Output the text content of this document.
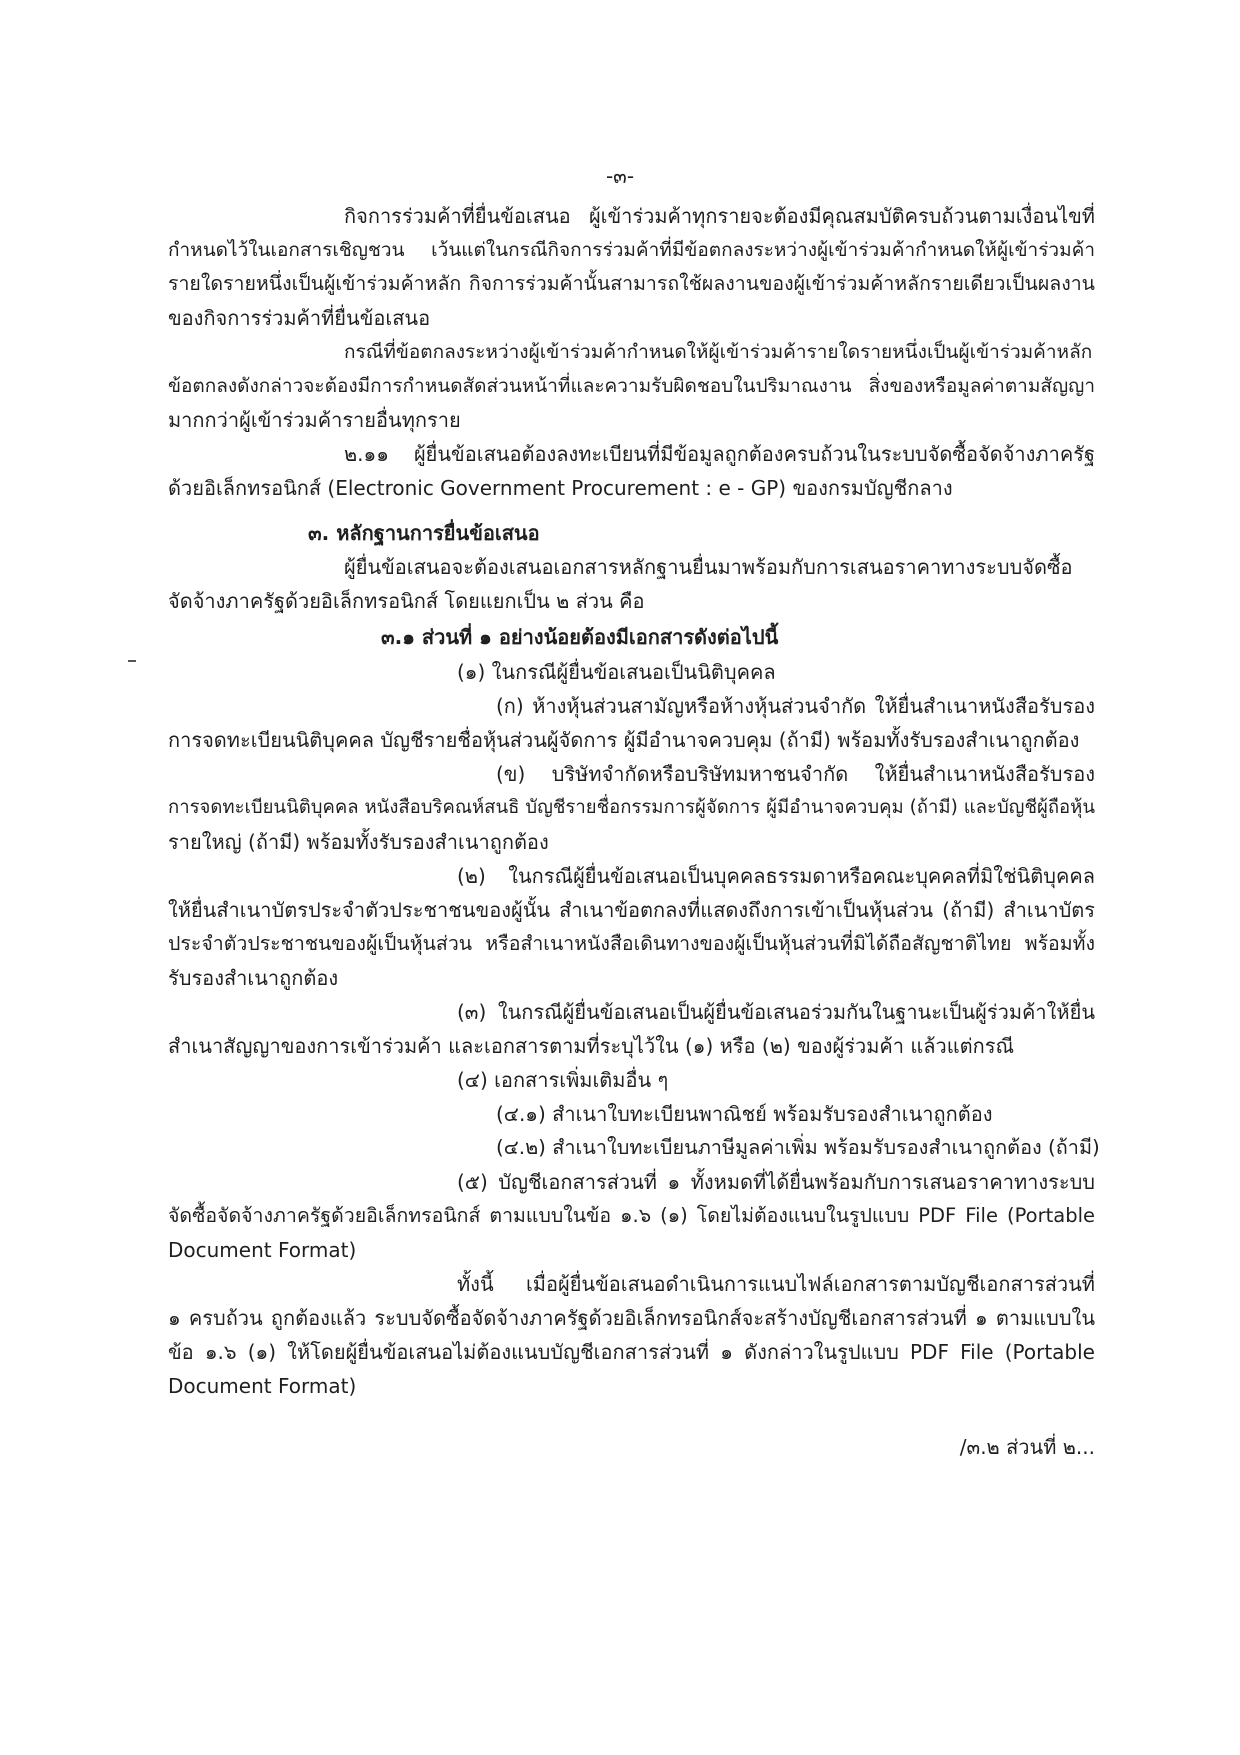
-๓-
กิจการร่วมค้าที่ยื่นข้อเสนอ ผู้เข้าร่วมค้าทุกรายจะต้องมีคุณสมบัติครบถ้วนตามเงื่อนไขที่
กำหนดไว้ในเอกสารเชิญชวน เว้นแต่ในกรณีกิจการร่วมค้าที่มีข้อตกลงระหว่างผู้เข้าร่วมค้ากำหนดให้ผู้เข้าร่วมค้า
รายใดรายหนึ่งเป็นผู้เข้าร่วมค้าหลัก กิจการร่วมค้านั้นสามารถใช้ผลงานของผู้เข้าร่วมค้าหลักรายเดียวเป็นผลงาน
ของกิจการร่วมค้าที่ยื่นข้อเสนอ
กรณีที่ข้อตกลงระหว่างผู้เข้าร่วมค้ากำหนดให้ผู้เข้าร่วมค้ารายใดรายหนึ่งเป็นผู้เข้าร่วมค้าหลัก
ข้อตกลงดังกล่าวจะต้องมีการกำหนดสัดส่วนหน้าที่และความรับผิดชอบในปริมาณงาน สิ่งของหรือมูลค่าตามสัญญา
มากกว่าผู้เข้าร่วมค้ารายอื่นทุกราย
๒.๑๑ ผู้ยื่นข้อเสนอต้องลงทะเบียนที่มีข้อมูลถูกต้องครบถ้วนในระบบจัดซื้อจัดจ้างภาครัฐ
ด้วยอิเล็กทรอนิกส์ (Electronic Government Procurement : e - GP) ของกรมบัญชีกลาง
๓. หลักฐานการยื่นข้อเสนอ
ผู้ยื่นข้อเสนอจะต้องเสนอเอกสารหลักฐานยื่นมาพร้อมกับการเสนอราคาทางระบบจัดซื้อ
จัดจ้างภาครัฐด้วยอิเล็กทรอนิกส์ โดยแยกเป็น ๒ ส่วน คือ
๓.๑ ส่วนที่ ๑ อย่างน้อยต้องมีเอกสารดังต่อไปนี้
(๑) ในกรณีผู้ยื่นข้อเสนอเป็นนิติบุคคล
(ก) ห้างหุ้นส่วนสามัญหรือห้างหุ้นส่วนจำกัด ให้ยื่นสำเนาหนังสือรับรอง
การจดทะเบียนนิติบุคคล บัญชีรายชื่อหุ้นส่วนผู้จัดการ ผู้มีอำนาจควบคุม (ถ้ามี) พร้อมทั้งรับรองสำเนาถูกต้อง
(ข) บริษัทจำกัดหรือบริษัทมหาชนจำกัด ให้ยื่นสำเนาหนังสือรับรอง
การจดทะเบียนนิติบุคคล หนังสือบริคณห์สนธิ บัญชีรายชื่อกรรมการผู้จัดการ ผู้มีอำนาจควบคุม (ถ้ามี) และบัญชีผู้ถือหุ้น
รายใหญ่ (ถ้ามี) พร้อมทั้งรับรองสำเนาถูกต้อง
(๒) ในกรณีผู้ยื่นข้อเสนอเป็นบุคคลธรรมดาหรือคณะบุคคลที่มิใช่นิติบุคคล
ให้ยื่นสำเนาบัตรประจำตัวประชาชนของผู้นั้น สำเนาข้อตกลงที่แสดงถึงการเข้าเป็นหุ้นส่วน (ถ้ามี) สำเนาบัตร
ประจำตัวประชาชนของผู้เป็นหุ้นส่วน หรือสำเนาหนังสือเดินทางของผู้เป็นหุ้นส่วนที่มิได้ถือสัญชาติไทย พร้อมทั้ง
รับรองสำเนาถูกต้อง
(๓) ในกรณีผู้ยื่นข้อเสนอเป็นผู้ยื่นข้อเสนอร่วมกันในฐานะเป็นผู้ร่วมค้าให้ยื่น
สำเนาสัญญาของการเข้าร่วมค้า และเอกสารตามที่ระบุไว้ใน (๑) หรือ (๒) ของผู้ร่วมค้า แล้วแต่กรณี
(๔) เอกสารเพิ่มเติมอื่น ๆ
(๔.๑) สำเนาใบทะเบียนพาณิชย์ พร้อมรับรองสำเนาถูกต้อง
(๔.๒) สำเนาใบทะเบียนภาษีมูลค่าเพิ่ม พร้อมรับรองสำเนาถูกต้อง (ถ้ามี)
(๕) บัญชีเอกสารส่วนที่ ๑ ทั้งหมดที่ได้ยื่นพร้อมกับการเสนอราคาทางระบบ
จัดซื้อจัดจ้างภาครัฐด้วยอิเล็กทรอนิกส์ ตามแบบในข้อ ๑.๖ (๑) โดยไม่ต้องแนบในรูปแบบ PDF File (Portable
Document Format)
ทั้งนี้ เมื่อผู้ยื่นข้อเสนอดำเนินการแนบไฟล์เอกสารตามบัญชีเอกสารส่วนที่
๑ ครบถ้วน ถูกต้องแล้ว ระบบจัดซื้อจัดจ้างภาครัฐด้วยอิเล็กทรอนิกส์จะสร้างบัญชีเอกสารส่วนที่ ๑ ตามแบบใน
ข้อ ๑.๖ (๑) ให้โดยผู้ยื่นข้อเสนอไม่ต้องแนบบัญชีเอกสารส่วนที่ ๑ ดังกล่าวในรูปแบบ PDF File (Portable
Document Format)
/๓.๒ ส่วนที่ ๒...
